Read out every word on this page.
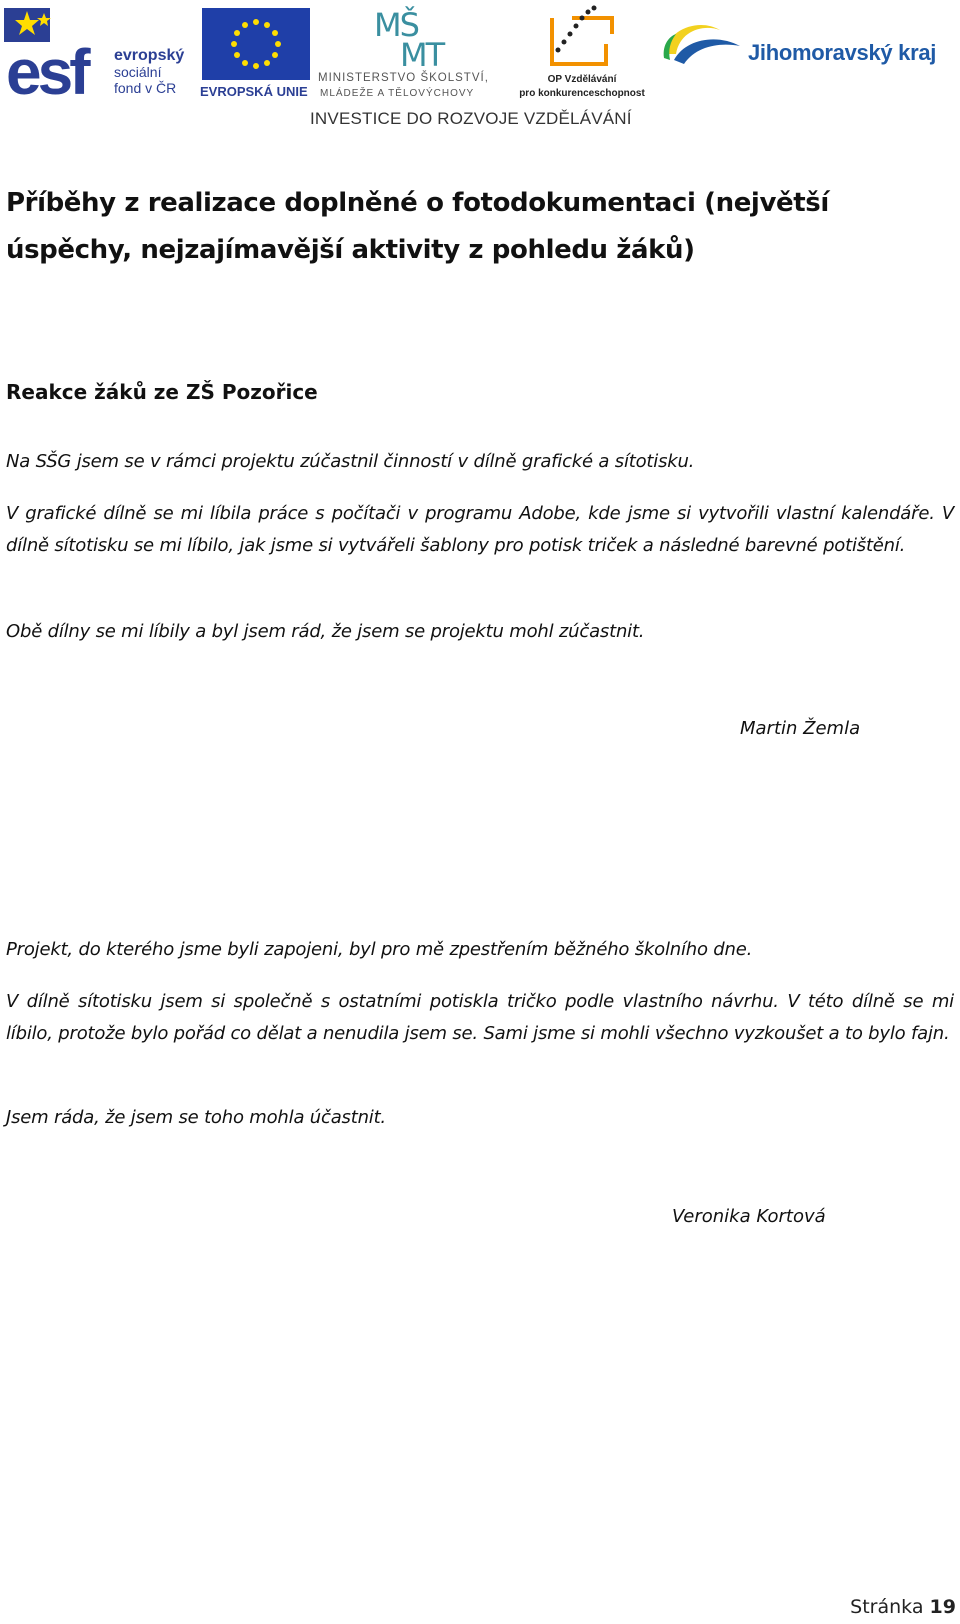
esf evropský
sociální
fond v ČR	EVROPSKÁ UNIE
MŠ
MT
MINISTERSTVO ŠKOLSTVÍ,
MLÁDEŽE A TĚLOVÝCHOVY
OP Vzdělávání
pro konkurenceschopnost
Jihomoravský kraj
INVESTICE DO ROZVOJE VZDĚLÁVÁNÍ
Příběhy z realizace doplněné o fotodokumentaci (největší úspěchy, nejzajímavější aktivity z pohledu žáků)
Reakce žáků ze ZŠ Pozořice
Na SŠG jsem se v rámci projektu zúčastnil činností v dílně grafické a sítotisku.
V grafické dílně se mi líbila práce s počítači v programu Adobe, kde jsme si vytvořili vlastní kalendáře. V dílně sítotisku se mi líbilo, jak jsme si vytvářeli šablony pro potisk triček a následné barevné potištění.
Obě dílny se mi líbily a byl jsem rád, že jsem se projektu mohl zúčastnit.
Martin Žemla
Projekt, do kterého jsme byli zapojeni, byl pro mě zpestřením běžného školního dne.
V dílně sítotisku jsem si společně s ostatními potiskla tričko podle vlastního návrhu. V této dílně se mi líbilo, protože bylo pořád co dělat a nenudila jsem se. Sami jsme si mohli všechno vyzkoušet a to bylo fajn.
Jsem ráda, že jsem se toho mohla účastnit.
Veronika Kortová
Stránka 19
